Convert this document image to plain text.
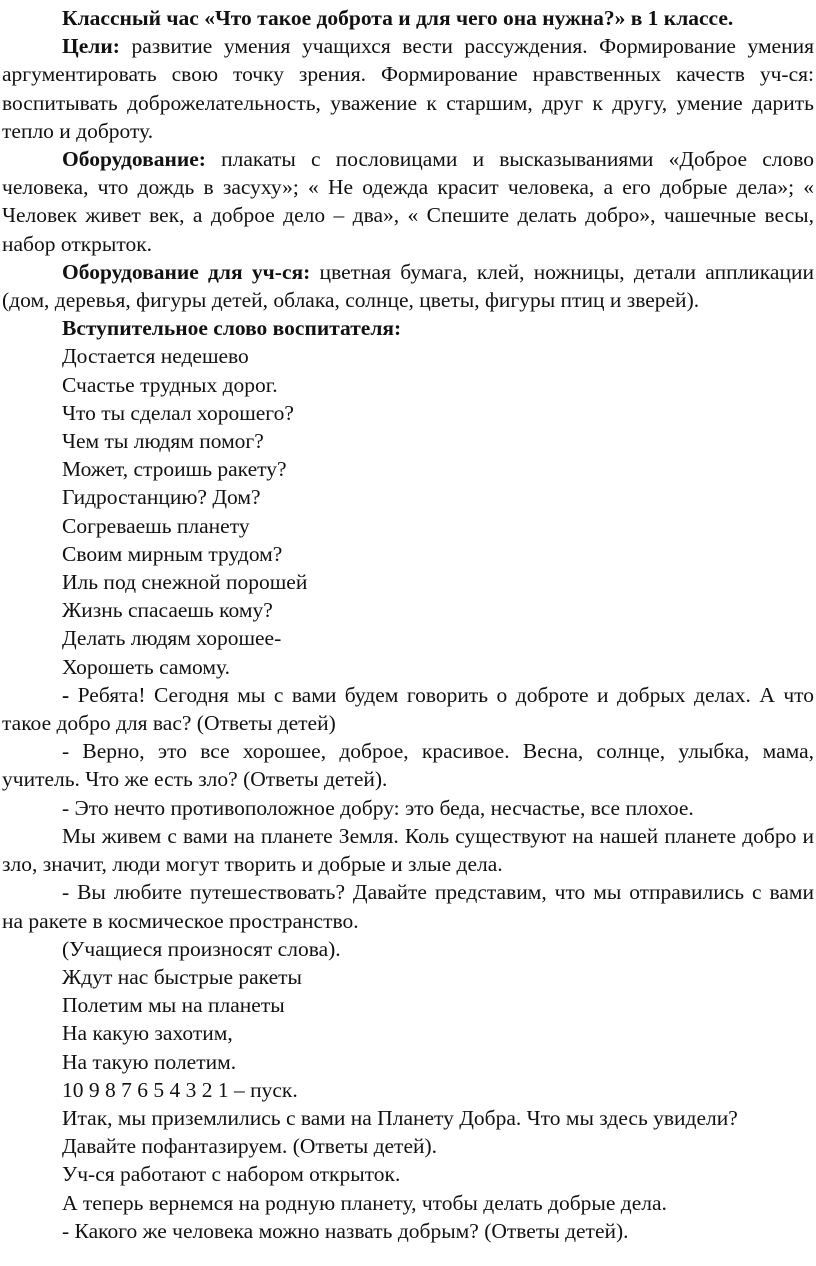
Классный час «Что такое доброта и для чего она нужна?» в 1 классе.

Цели: развитие умения учащихся вести рассуждения. Формирование умения аргументировать свою точку зрения. Формирование нравственных качеств уч-ся: воспитывать доброжелательность, уважение к старшим, друг к другу, умение дарить тепло и доброту.

Оборудование: плакаты с пословицами и высказываниями «Доброе слово человека, что дождь в засуху»; « Не одежда красит человека, а его добрые дела»; « Человек живет век, а доброе дело – два», « Спешите делать добро», чашечные весы, набор открыток.

Оборудование для уч-ся: цветная бумага, клей, ножницы, детали аппликации (дом, деревья, фигуры детей, облака, солнце, цветы, фигуры птиц и зверей).

Вступительное слово воспитателя:

Достается недешево

Счастье трудных дорог.

Что ты сделал хорошего?

Чем ты людям помог?

Может, строишь ракету?

Гидростанцию? Дом?

Согреваешь планету

Своим мирным трудом?

Иль под снежной порошей

Жизнь спасаешь кому?

Делать людям хорошее-

Хорошеть самому.

- Ребята! Сегодня мы с вами будем говорить о доброте и добрых делах. А что такое добро для вас? (Ответы детей)

- Верно, это все хорошее, доброе, красивое. Весна, солнце, улыбка, мама, учитель. Что же есть зло? (Ответы детей).

- Это нечто противоположное добру: это беда, несчастье, все плохое.

Мы живем с вами на планете Земля. Коль существуют на нашей планете добро и зло, значит, люди могут творить и добрые и злые дела.

- Вы любите путешествовать? Давайте представим, что мы отправились с вами на ракете в космическое пространство.

(Учащиеся произносят слова).

Ждут нас быстрые ракеты

Полетим мы на планеты

На какую захотим,

На такую полетим.

10 9 8 7 6 5 4 3 2 1 – пуск.

Итак, мы приземлились с вами на Планету Добра. Что мы здесь увидели?

Давайте пофантазируем. (Ответы детей).

Уч-ся работают с набором открыток.

А теперь вернемся на родную планету, чтобы делать добрые дела.

- Какого же человека можно назвать добрым? (Ответы детей).
